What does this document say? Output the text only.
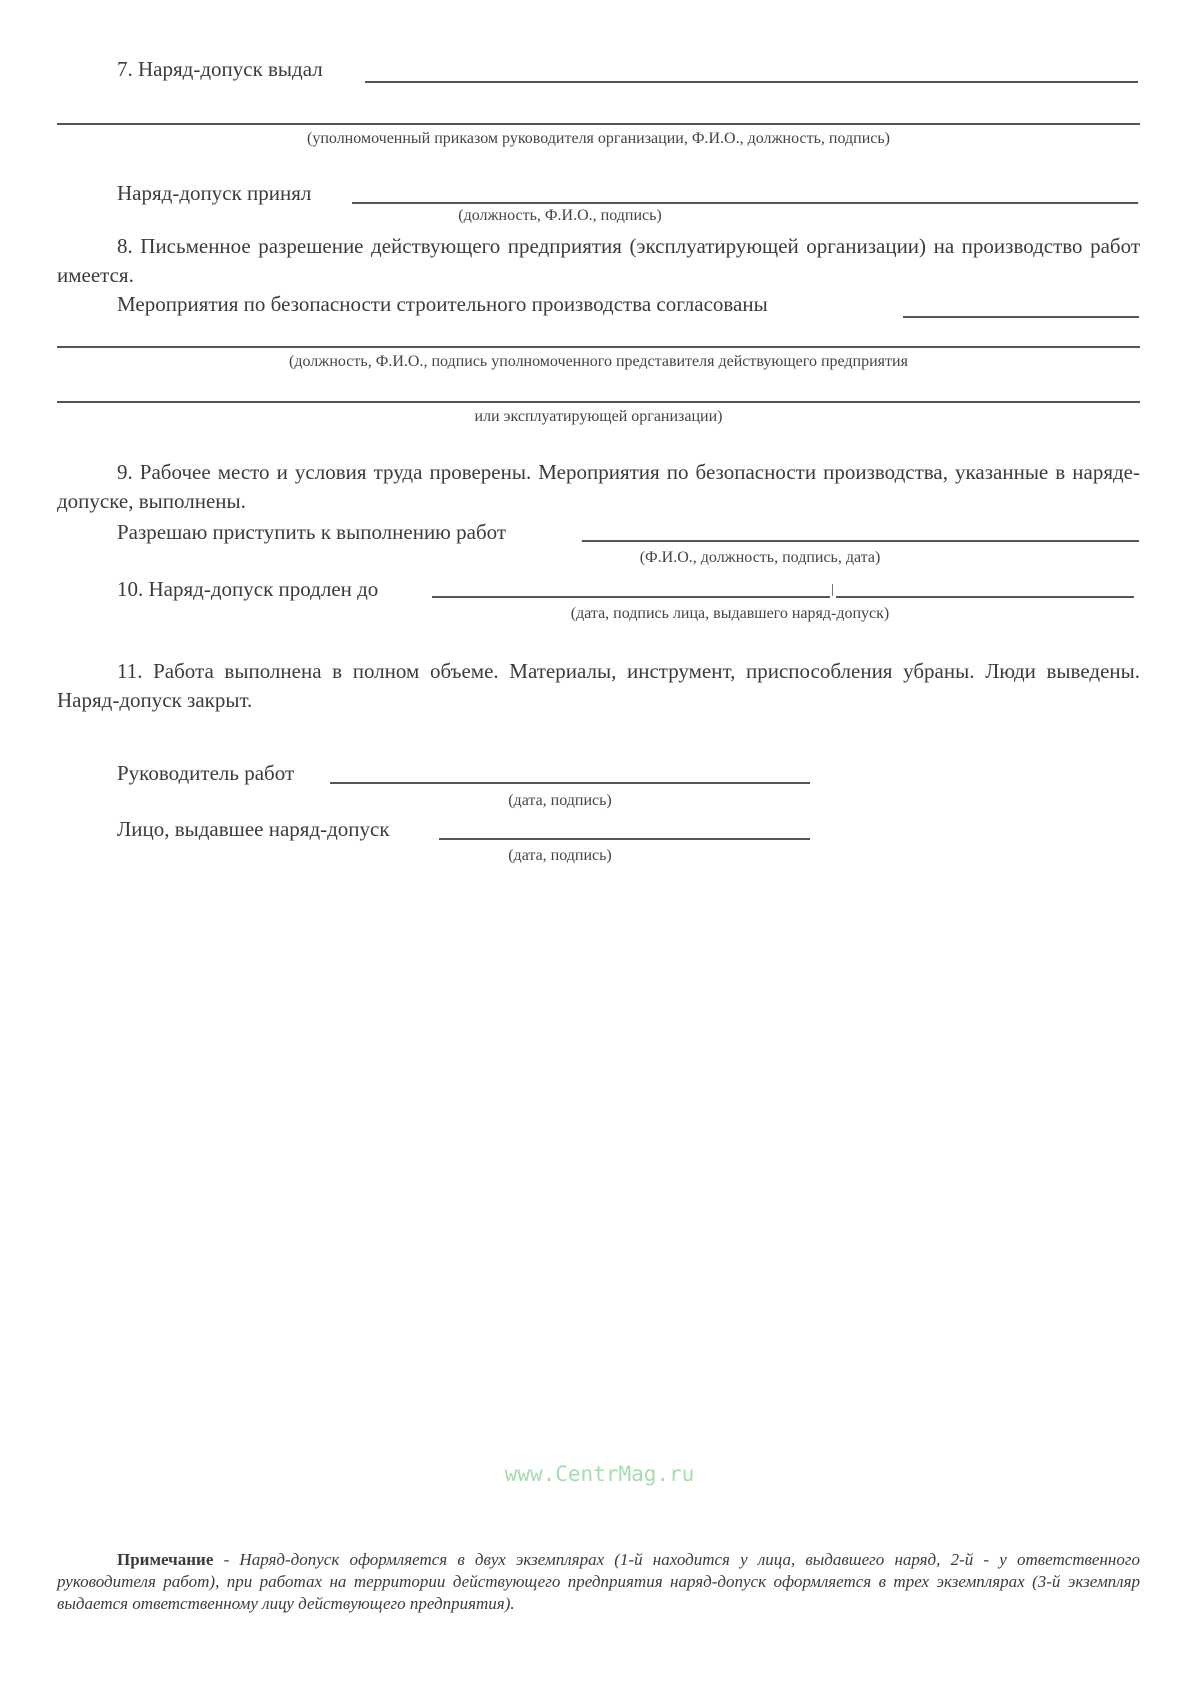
7. Наряд-допуск выдал
(уполномоченный приказом руководителя организации, Ф.И.О., должность, подпись)
Наряд-допуск принял
(должность, Ф.И.О., подпись)
8. Письменное разрешение действующего предприятия (эксплуатирующей организации) на производство работ имеется.
Мероприятия по безопасности строительного производства согласованы
(должность, Ф.И.О., подпись уполномоченного представителя действующего предприятия
или эксплуатирующей организации)
9. Рабочее место и условия труда проверены. Мероприятия по безопасности производства, указанные в наряде-допуске, выполнены.
Разрешаю приступить к выполнению работ
(Ф.И.О., должность, подпись, дата)
10. Наряд-допуск продлен до
(дата, подпись лица, выдавшего наряд-допуск)
11. Работа выполнена в полном объеме. Материалы, инструмент, приспособления убраны. Люди выведены. Наряд-допуск закрыт.
Руководитель работ
(дата, подпись)
Лицо, выдавшее наряд-допуск
(дата, подпись)
www.CentrMag.ru
Примечание - Наряд-допуск оформляется в двух экземплярах (1-й находится у лица, выдавшего наряд, 2-й - у ответственного руководителя работ), при работах на территории действующего предприятия наряд-допуск оформляется в трех экземплярах (3-й экземпляр выдается ответственному лицу действующего предприятия).
